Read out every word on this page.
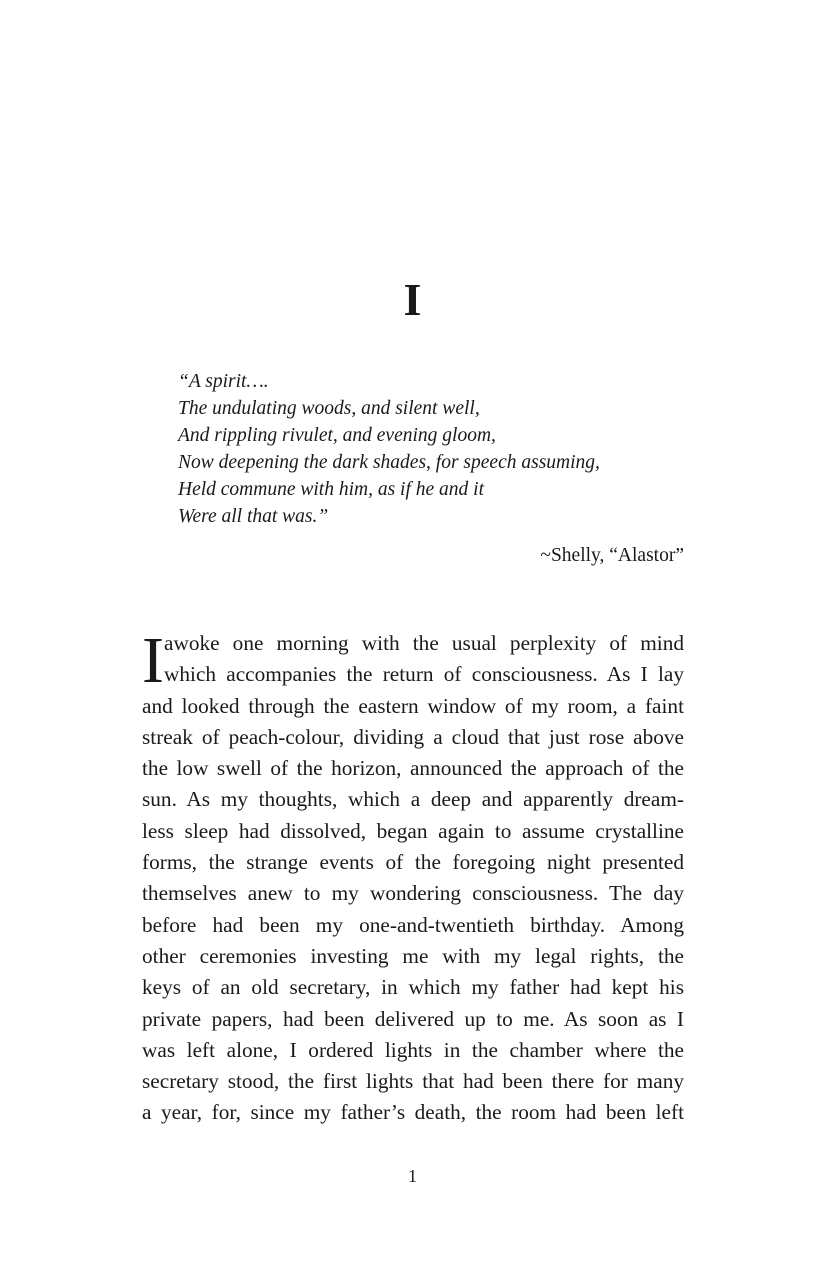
I
“A spirit….
The undulating woods, and silent well,
And rippling rivulet, and evening gloom,
Now deepening the dark shades, for speech assuming,
Held commune with him, as if he and it
Were all that was.”
~Shelly, “Alastor”
I awoke one morning with the usual perplexity of mind
which accompanies the return of consciousness. As I lay
and looked through the eastern window of my room, a faint
streak of peach-colour, dividing a cloud that just rose above
the low swell of the horizon, announced the approach of the
sun. As my thoughts, which a deep and apparently dream-
less sleep had dissolved, began again to assume crystalline
forms, the strange events of the foregoing night presented
themselves anew to my wondering consciousness. The day
before had been my one-and-twentieth birthday. Among
other ceremonies investing me with my legal rights, the
keys of an old secretary, in which my father had kept his
private papers, had been delivered up to me. As soon as I
was left alone, I ordered lights in the chamber where the
secretary stood, the first lights that had been there for many
a year, for, since my father’s death, the room had been left
1
